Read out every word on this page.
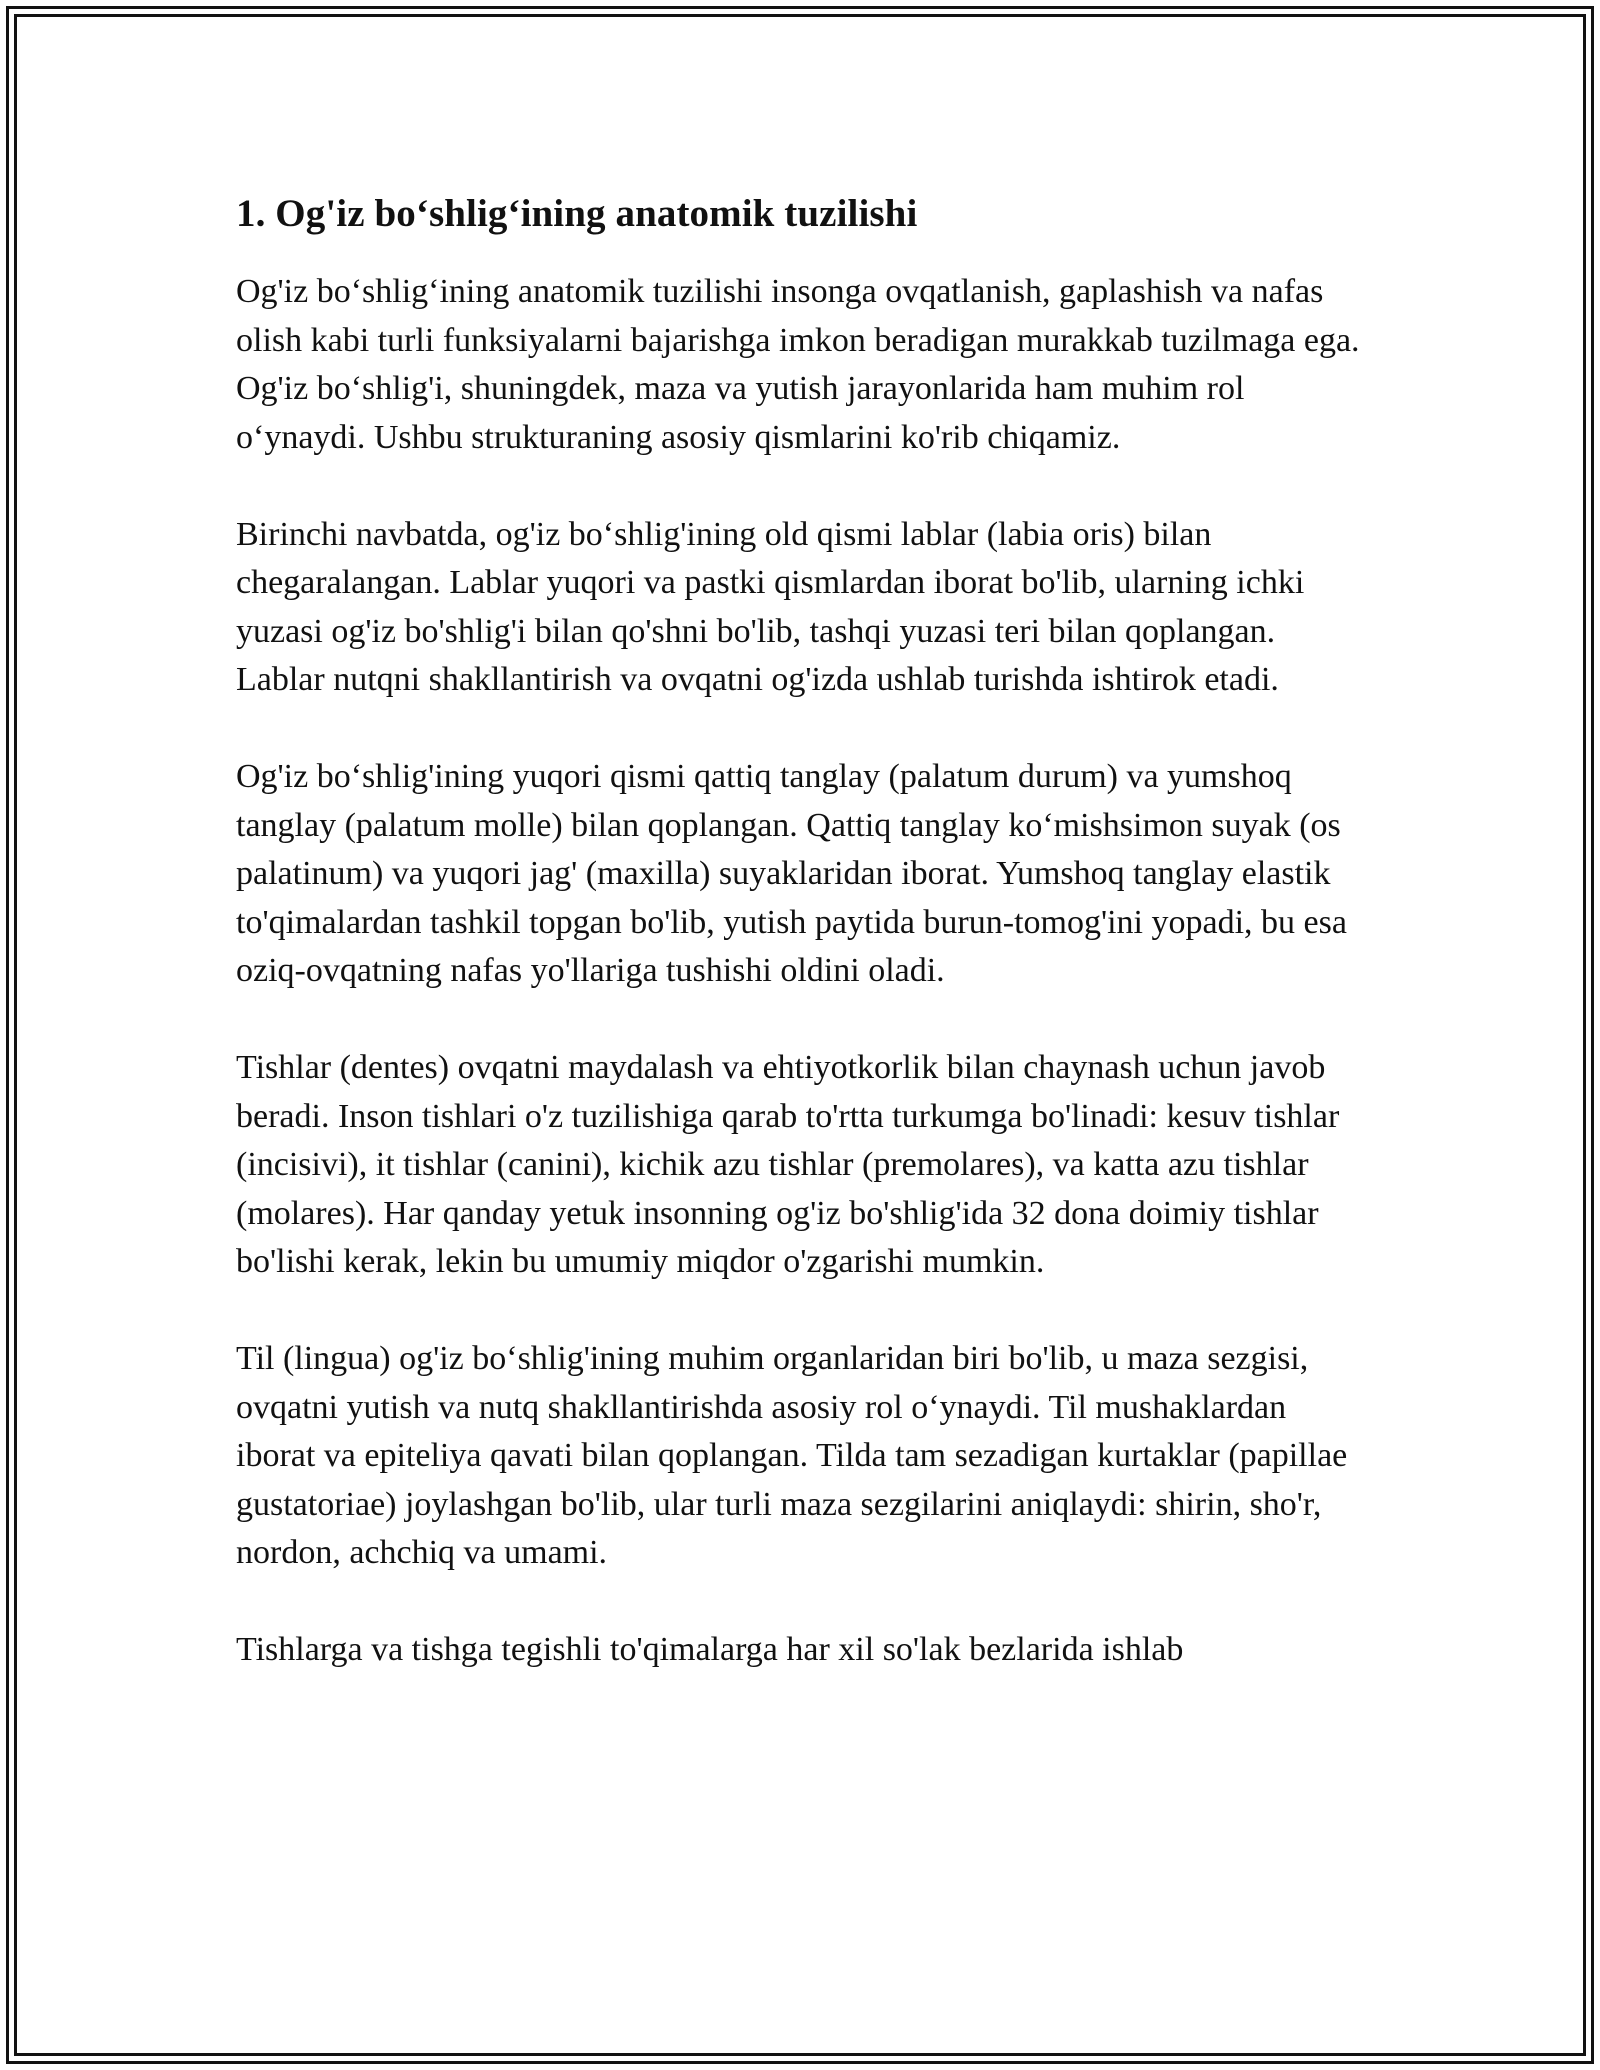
1. Og'iz bo‘shlig‘ining anatomik tuzilishi

Og'iz bo‘shlig‘ining anatomik tuzilishi insonga ovqatlanish, gaplashish va nafas olish kabi turli funksiyalarni bajarishga imkon beradigan murakkab tuzilmaga ega. Og'iz bo‘shlig'i, shuningdek, maza va yutish jarayonlarida ham muhim rol o‘ynaydi. Ushbu strukturaning asosiy qismlarini ko'rib chiqamiz.

Birinchi navbatda, og'iz bo‘shlig'ining old qismi lablar (labia oris) bilan chegaralangan. Lablar yuqori va pastki qismlardan iborat bo'lib, ularning ichki yuzasi og'iz bo'shlig'i bilan qo'shni bo'lib, tashqi yuzasi teri bilan qoplangan. Lablar nutqni shakllantirish va ovqatni og'izda ushlab turishda ishtirok etadi.

Og'iz bo‘shlig'ining yuqori qismi qattiq tanglay (palatum durum) va yumshoq tanglay (palatum molle) bilan qoplangan. Qattiq tanglay ko‘mishsimon suyak (os palatinum) va yuqori jag' (maxilla) suyaklaridan iborat. Yumshoq tanglay elastik to'qimalardan tashkil topgan bo'lib, yutish paytida burun-tomog'ini yopadi, bu esa oziq-ovqatning nafas yo'llariga tushishi oldini oladi.

Tishlar (dentes) ovqatni maydalash va ehtiyotkorlik bilan chaynash uchun javob beradi. Inson tishlari o'z tuzilishiga qarab to'rtta turkumga bo'linadi: kesuv tishlar (incisivi), it tishlar (canini), kichik azu tishlar (premolares), va katta azu tishlar (molares). Har qanday yetuk insonning og'iz bo'shlig'ida 32 dona doimiy tishlar bo'lishi kerak, lekin bu umumiy miqdor o'zgarishi mumkin.

Til (lingua) og'iz bo‘shlig'ining muhim organlaridan biri bo'lib, u maza sezgisi, ovqatni yutish va nutq shakllantirishda asosiy rol o‘ynaydi. Til mushaklardan iborat va epiteliya qavati bilan qoplangan. Tilda tam sezadigan kurtaklar (papillae gustatoriae) joylashgan bo'lib, ular turli maza sezgilarini aniqlaydi: shirin, sho'r, nordon, achchiq va umami.

Tishlarga va tishga tegishli to'qimalarga har xil so'lak bezlarida ishlab
